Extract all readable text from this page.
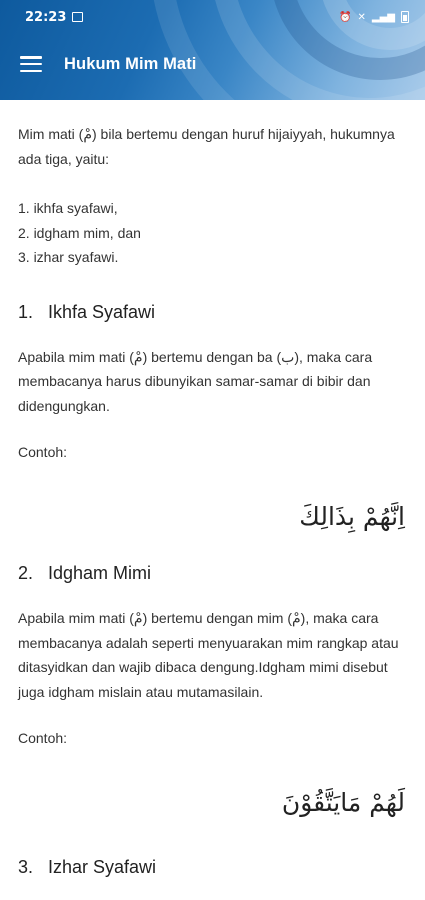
22:23	⏰ ✕ ▂▄▆
Hukum Mim Mati

Mim mati (مْ) bila bertemu dengan huruf hijaiyyah, hukumnya ada tiga, yaitu:

1. ikhfa syafawi,
2. idgham mim, dan
3. izhar syafawi.
1. Ikhfa Syafawi

Apabila mim mati (مْ) bertemu dengan ba (ب), maka cara membacanya harus dibunyikan samar-samar di bibir dan didengungkan.

Contoh:
اِنَّهُمْ بِذَالِكَ
2. Idgham Mimi

Apabila mim mati (مْ) bertemu dengan mim (مْ), maka cara membacanya adalah seperti menyuarakan mim rangkap atau ditasyidkan dan wajib dibaca dengung.Idgham mimi disebut juga idgham mislain atau mutamasilain.

Contoh:
لَهُمْ مَايَتَّقُوْنَ
3. Izhar Syafawi
